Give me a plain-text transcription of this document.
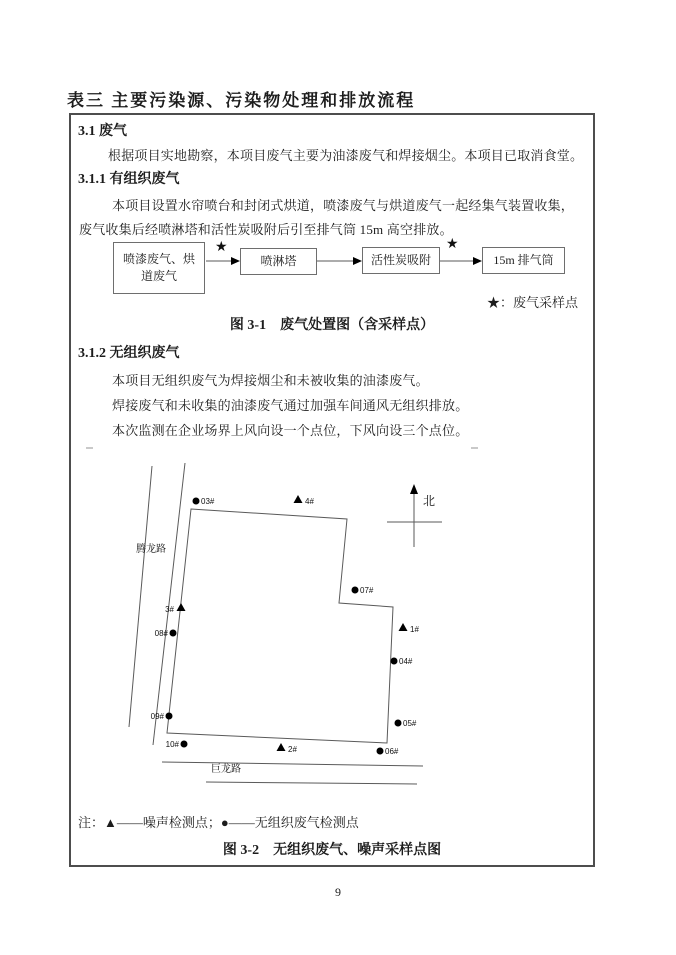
表三 主要污染源、污染物处理和排放流程
3.1 废气
根据项目实地勘察，本项目废气主要为油漆废气和焊接烟尘。本项目已取消食堂。
3.1.1 有组织废气
本项目设置水帘喷台和封闭式烘道，喷漆废气与烘道废气一起经集气装置收集，
废气收集后经喷淋塔和活性炭吸附后引至排气筒 15m 高空排放。
喷漆废气、烘
道废气
喷淋塔	活性炭吸附	15m 排气筒
★	★
★：废气采样点
图 3-1　废气处置图（含采样点）
3.1.2 无组织废气
本项目无组织废气为焊接烟尘和未被收集的油漆废气。
焊接废气和未收集的油漆废气通过加强车间通风无组织排放。
本次监测在企业场界上风向设一个点位，下风向设三个点位。
腾龙路
巨龙路
北
03#	4#
07#
1#
04#
05#
06#
2#
10#
09#
08#
3#
注：▲——噪声检测点；●——无组织废气检测点
图 3-2　无组织废气、噪声采样点图
9
